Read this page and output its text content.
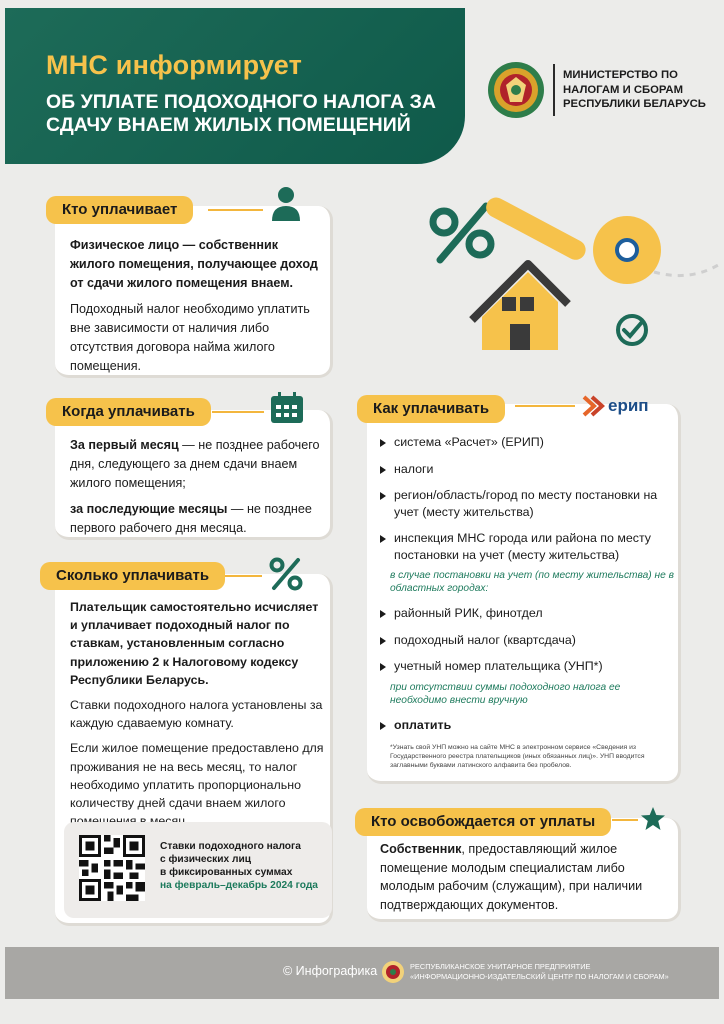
МНС информирует
ОБ УПЛАТЕ ПОДОХОДНОГО НАЛОГА ЗА СДАЧУ ВНАЕМ ЖИЛЫХ ПОМЕЩЕНИЙ
МИНИСТЕРСТВО ПО НАЛОГАМ И СБОРАМ РЕСПУБЛИКИ БЕЛАРУСЬ
Кто уплачивает

Физическое лицо — собственник жилого помещения, получающее доход от сдачи жилого помещения внаем.

Подоходный налог необходимо уплатить вне зависимости от наличия либо отсутствия договора найма жилого помещения.

Когда уплачивать

За первый месяц — не позднее рабочего дня, следующего за днем сдачи внаем жилого помещения;

за последующие месяцы — не позднее первого рабочего дня месяца.

Сколько уплачивать

Плательщик самостоятельно исчисляет и уплачивает подоходный налог по ставкам, установленным согласно приложению 2 к Налоговому кодексу Республики Беларусь.

Ставки подоходного налога установлены за каждую сдаваемую комнату.

Если жилое помещение предоставлено для проживания не на весь месяц, то налог необходимо уплатить пропорционально количеству дней сдачи внаем жилого

Ставки подоходного налога
с физических лиц
в фиксированных суммах
на февраль–декабрь 2024 года
Как уплачивать	ерип
система «Расчет» (ЕРИП)
налоги
регион/область/город по месту постановки на учет (месту жительства)
инспекция МНС города или района по месту постановки на учет (месту жительства)
в случае постановки на учет (по месту жительства) не в областных городах:
районный РИК, финотдел
подоходный налог (квартсдача)
учетный номер плательщика (УНП*)
при отсутствии суммы подоходного налога ее необходимо внести вручную
оплатить
*Узнать свой УНП можно на сайте МНС в электронном сервисе «Сведения из Государственного реестра плательщиков (иных обязанных лиц)». УНП вводится заглавными буквами латинского алфавита без пробелов.
Кто освобождается от уплаты
Собственник, предоставляющий жилое помещение молодым специалистам либо молодым рабочим (служащим), при наличии подтверждающих документов.
© Инфографика	РЕСПУБЛИКАНСКОЕ УНИТАРНОЕ ПРЕДПРИЯТИЕ
«ИНФОРМАЦИОННО-ИЗДАТЕЛЬСКИЙ ЦЕНТР ПО НАЛОГАМ И СБОРАМ»
